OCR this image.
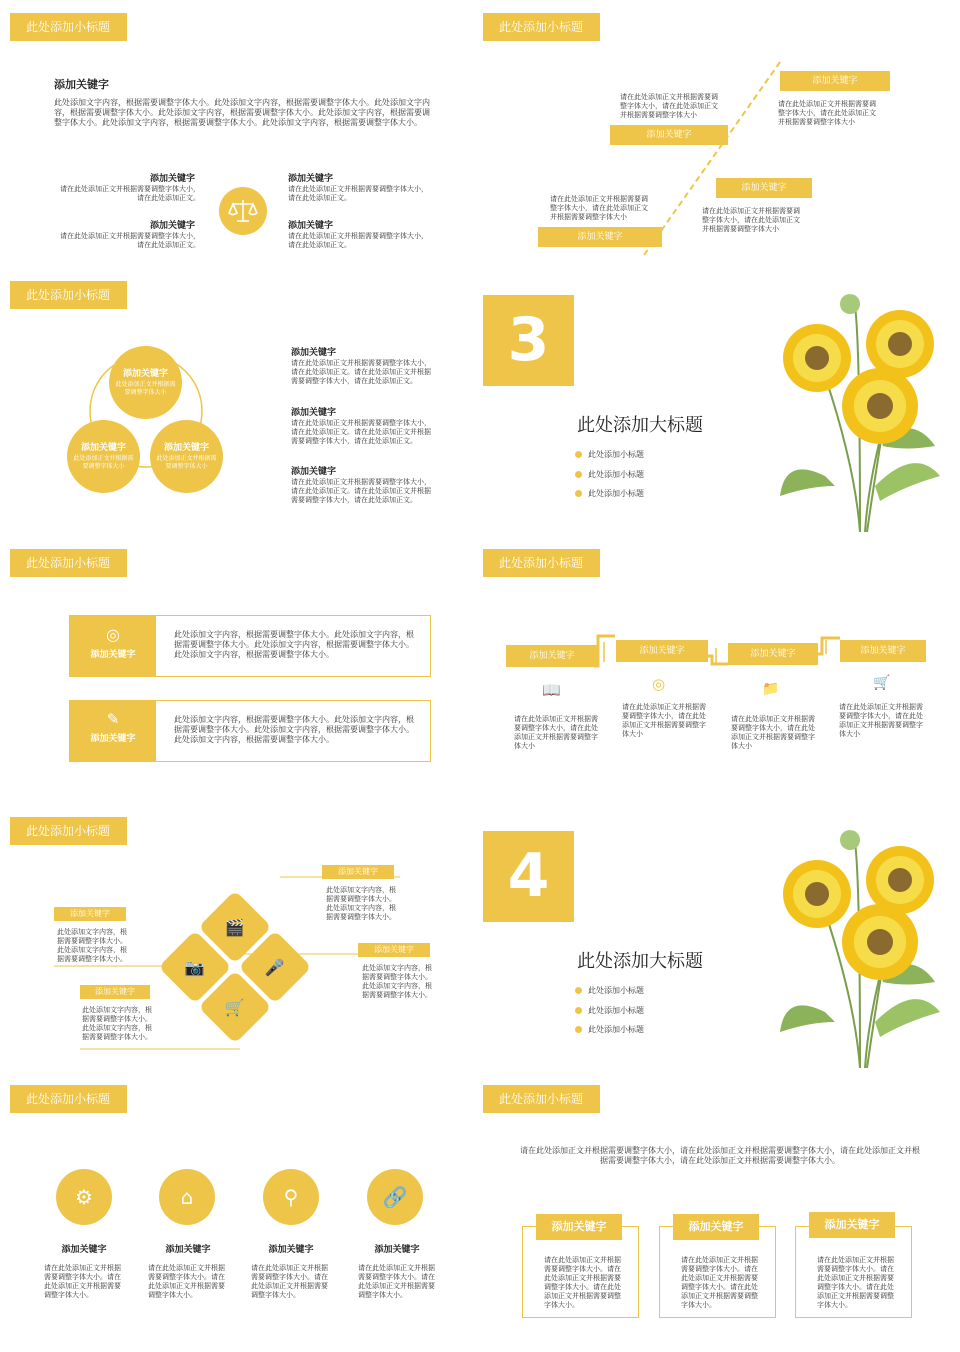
此处添加小标题
添加关键字
此处添加文字内容，根据需要调整字体大小。此处添加文字内容，根据需要调整字体大小。此处添加文字内容，根据需要调整字体大小。此处添加文字内容，根据需要调整字体大小。此处添加文字内容，根据需要调整字体大小。此处添加文字内容，根据需要调整字体大小。此处添加文字内容，根据需要调整字体大小。
添加关键字
请在此处添加正文并根据需要调整字体大小，请在此处添加正文。
添加关键字
请在此处添加正文并根据需要调整字体大小，请在此处添加正文。
添加关键字
请在此处添加正文并根据需要调整字体大小，请在此处添加正文。
添加关键字
请在此处添加正文并根据需要调整字体大小，请在此处添加正文。
此处添加小标题
添加关键字
添加关键字
添加关键字
添加关键字
请在此处添加正文并根据需要调整字体大小，请在此处添加正文并根据需要调整字体大小
请在此处添加正文并根据需要调整字体大小，请在此处添加正文并根据需要调整字体大小
请在此处添加正文并根据需要调整字体大小，请在此处添加正文并根据需要调整字体大小
请在此处添加正文并根据需要调整字体大小，请在此处添加正文并根据需要调整字体大小
此处添加小标题
添加关键字
此处添加正文并根据需要调整字体大小
添加关键字
此处添加正文并根据需要调整字体大小
添加关键字
此处添加正文并根据需要调整字体大小
添加关键字
请在此处添加正文并根据需要调整字体大小，请在此处添加正文。请在此处添加正文并根据需要调整字体大小，请在此处添加正文。
添加关键字
请在此处添加正文并根据需要调整字体大小，请在此处添加正文。请在此处添加正文并根据需要调整字体大小，请在此处添加正文。
添加关键字
请在此处添加正文并根据需要调整字体大小，请在此处添加正文。请在此处添加正文并根据需要调整字体大小，请在此处添加正文。
3
此处添加大标题
此处添加小标题
此处添加小标题
此处添加小标题
此处添加小标题
◎
添加关键字
此处添加文字内容，根据需要调整字体大小。此处添加文字内容，根据需要调整字体大小。此处添加文字内容，根据需要调整字体大小。此处添加文字内容，根据需要调整字体大小。
✎
添加关键字
此处添加文字内容，根据需要调整字体大小。此处添加文字内容，根据需要调整字体大小。此处添加文字内容，根据需要调整字体大小。此处添加文字内容，根据需要调整字体大小。
此处添加小标题
添加关键字	添加关键字	添加关键字	添加关键字
📖	◎	📁	🛒
请在此处添加正文并根据需要调整字体大小，请在此处添加正文并根据需要调整字体大小
请在此处添加正文并根据需要调整字体大小，请在此处添加正文并根据需要调整字体大小
请在此处添加正文并根据需要调整字体大小，请在此处添加正文并根据需要调整字体大小
请在此处添加正文并根据需要调整字体大小，请在此处添加正文并根据需要调整字体大小
此处添加小标题
🎬
📷	🎤
🛒
添加关键字
此处添加文字内容，根据需要调整字体大小。此处添加文字内容，根据需要调整字体大小。
添加关键字
此处添加文字内容，根据需要调整字体大小。此处添加文字内容，根据需要调整字体大小。
添加关键字
此处添加文字内容，根据需要调整字体大小。此处添加文字内容，根据需要调整字体大小。
添加关键字
此处添加文字内容，根据需要调整字体大小。此处添加文字内容，根据需要调整字体大小。
4
此处添加大标题
此处添加小标题
此处添加小标题
此处添加小标题
此处添加小标题
⚙	⌂	⚲	🔗
添加关键字
请在此处添加正文并根据需要调整字体大小。请在此处添加正文并根据需要调整字体大小。
添加关键字
请在此处添加正文并根据需要调整字体大小。请在此处添加正文并根据需要调整字体大小。
添加关键字
请在此处添加正文并根据需要调整字体大小。请在此处添加正文并根据需要调整字体大小。
添加关键字
请在此处添加正文并根据需要调整字体大小。请在此处添加正文并根据需要调整字体大小。
此处添加小标题
请在此处添加正文并根据需要调整字体大小，请在此处添加正文并根据需要调整字体大小，请在此处添加正文并根据需要调整字体大小，请在此处添加正文并根据需要调整字体大小。
请在此处添加正文并根据需要调整字体大小。请在此处添加正文并根据需要调整字体大小。请在此处添加正文并根据需要调整字体大小。
添加关键字
请在此处添加正文并根据需要调整字体大小。请在此处添加正文并根据需要调整字体大小。请在此处添加正文并根据需要调整字体大小。
添加关键字
请在此处添加正文并根据需要调整字体大小。请在此处添加正文并根据需要调整字体大小。请在此处添加正文并根据需要调整字体大小。
添加关键字
